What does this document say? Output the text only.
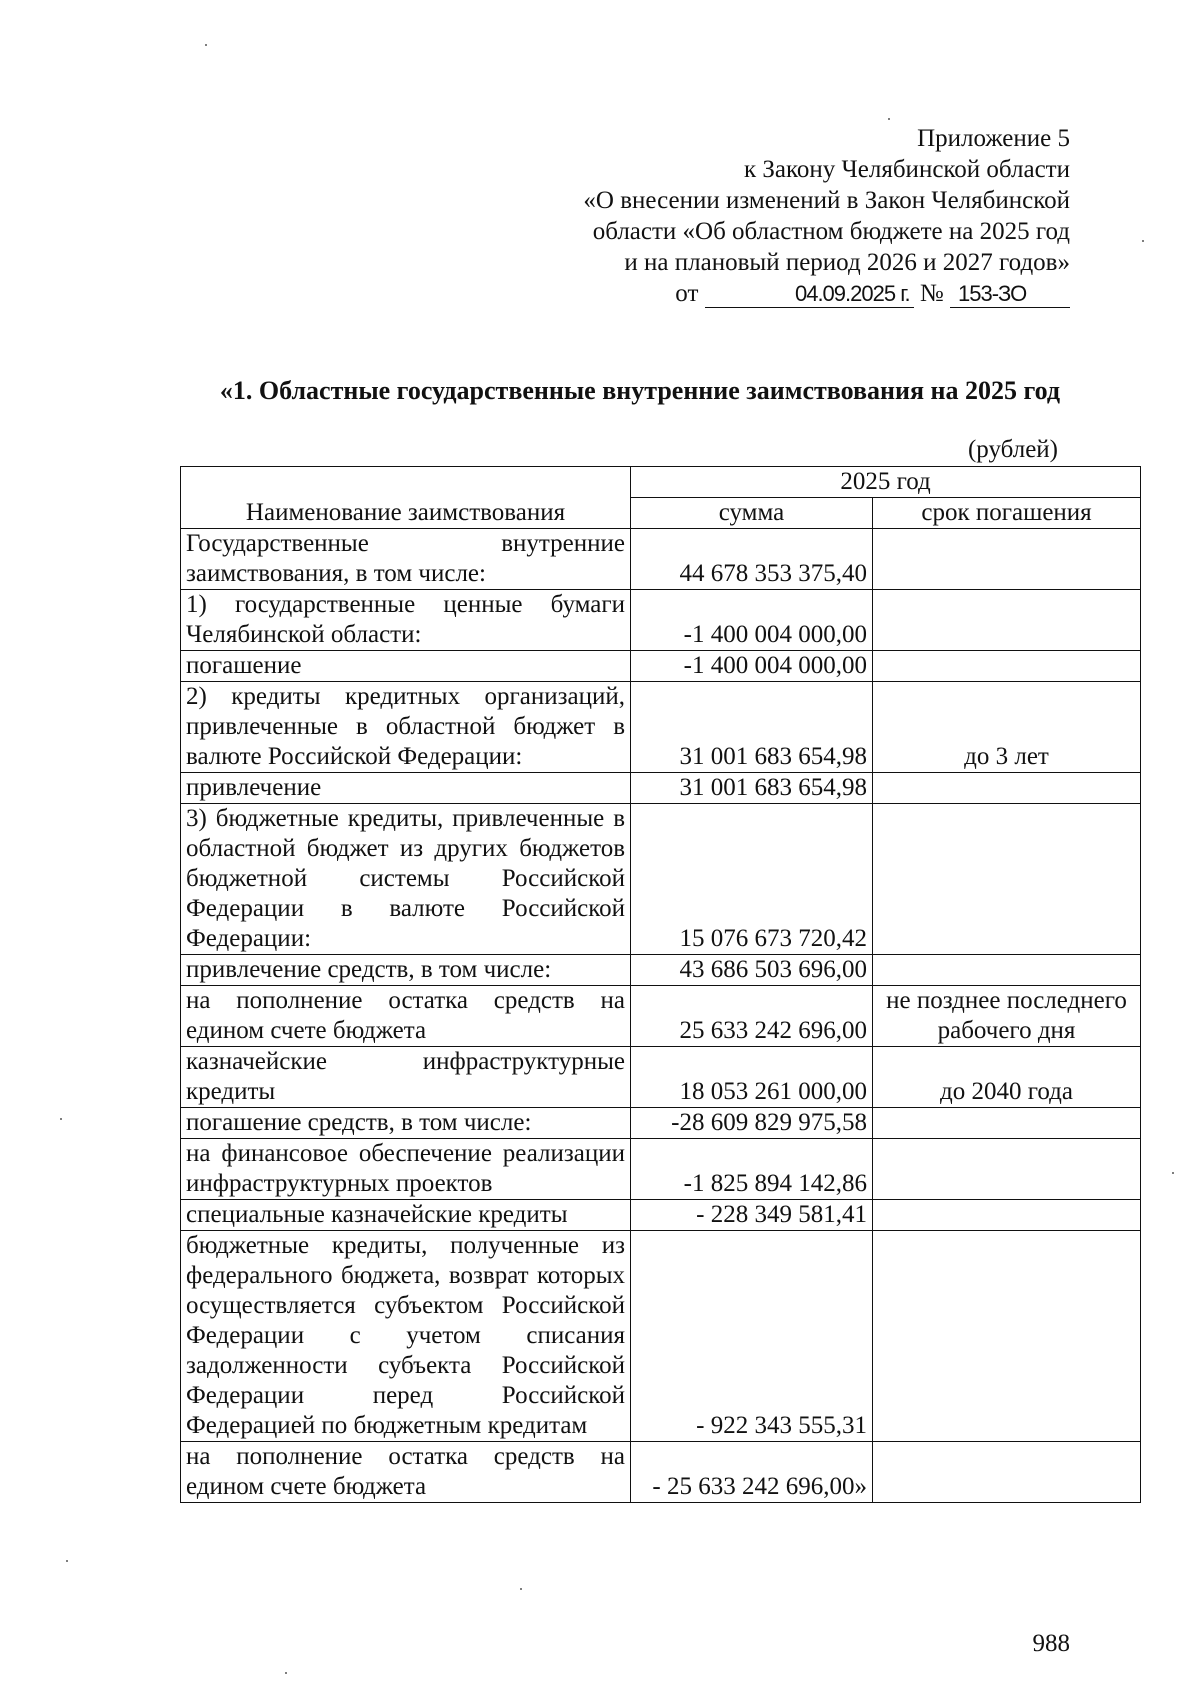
Приложение 5
к Закону Челябинской области
«О внесении изменений в Закон Челябинской
области «Об областном бюджете на 2025 год
и на плановый период 2026 и 2027 годов»
от	04.09.2025 г. № 153-ЗО
«1. Областные государственные внутренние заимствования на 2025 год
(рублей)
Наименование заимствования	2025 год	
	сумма	срок погашения
Государственные внутренние заимствования, в том числе:	44 678 353 375,40	
1) государственные ценные бумаги Челябинской области:	-1 400 004 000,00	
погашение	-1 400 004 000,00	
2) кредиты кредитных организаций, привлеченные в областной бюджет в валюте Российской Федерации:	31 001 683 654,98	до 3 лет
привлечение	31 001 683 654,98	
3) бюджетные кредиты, привлеченные в областной бюджет из других бюджетов бюджетной системы Российской Федерации в валюте Российской Федерации:	15 076 673 720,42	
привлечение средств, в том числе:	43 686 503 696,00	
на пополнение остатка средств на едином счете бюджета	25 633 242 696,00	не позднее последнего рабочего дня
казначейские инфраструктурные кредиты	18 053 261 000,00	до 2040 года
погашение средств, в том числе:	-28 609 829 975,58	
на финансовое обеспечение реализации инфраструктурных проектов	-1 825 894 142,86	
специальные казначейские кредиты	- 228 349 581,41	
бюджетные кредиты, полученные из федерального бюджета, возврат которых осуществляется субъектом Российской Федерации с учетом списания задолженности субъекта Российской Федерации перед Российской Федерацией по бюджетным кредитам	- 922 343 555,31	
на пополнение остатка средств на едином счете бюджета	- 25 633 242 696,00»	
988
